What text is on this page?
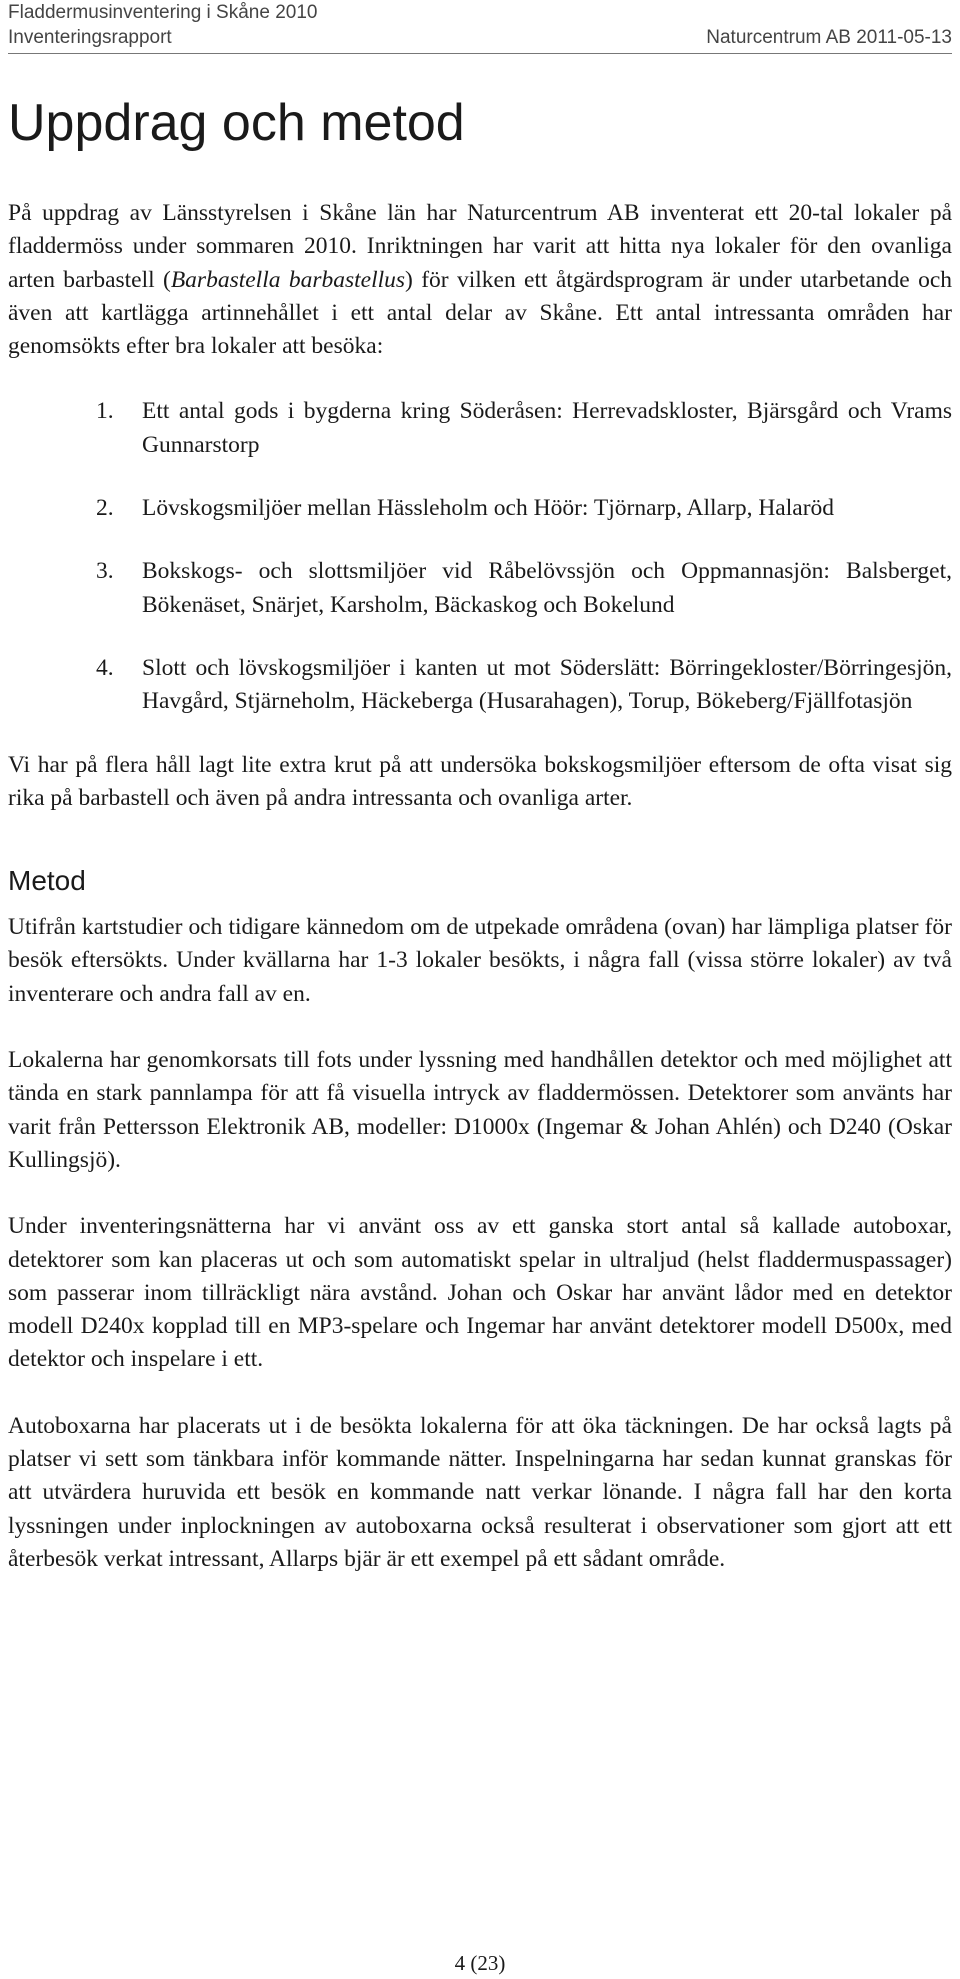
Fladdermusinventering i Skåne 2010
Inventeringsrapport	Naturcentrum AB 2011-05-13
Uppdrag och metod

På uppdrag av Länsstyrelsen i Skåne län har Naturcentrum AB inventerat ett 20-tal lokaler på fladdermöss under sommaren 2010. Inriktningen har varit att hitta nya lokaler för den ovanliga arten barbastell (Barbastella barbastellus) för vilken ett åtgärdsprogram är under utarbetande och även att kartlägga artinnehållet i ett antal delar av Skåne. Ett antal intressanta områden har genomsökts efter bra lokaler att besöka:

1. Ett antal gods i bygderna kring Söderåsen: Herrevadskloster, Bjärsgård och Vrams Gunnarstorp
2. Lövskogsmiljöer mellan Hässleholm och Höör: Tjörnarp, Allarp, Halaröd
3. Bokskogs- och slottsmiljöer vid Råbelövssjön och Oppmannasjön: Balsberget, Bökenäset, Snärjet, Karsholm, Bäckaskog och Bokelund
4. Slott och lövskogsmiljöer i kanten ut mot Söderslätt: Börringekloster/Börringesjön, Havgård, Stjärneholm, Häckeberga (Husarahagen), Torup, Bökeberg/Fjällfotasjön

Vi har på flera håll lagt lite extra krut på att undersöka bokskogsmiljöer eftersom de ofta visat sig rika på barbastell och även på andra intressanta och ovanliga arter.

Metod

Utifrån kartstudier och tidigare kännedom om de utpekade områdena (ovan) har lämpliga platser för besök eftersökts. Under kvällarna har 1-3 lokaler besökts, i några fall (vissa större lokaler) av två inventerare och andra fall av en.

Lokalerna har genomkorsats till fots under lyssning med handhållen detektor och med möjlighet att tända en stark pannlampa för att få visuella intryck av fladdermössen. Detektorer som använts har varit från Pettersson Elektronik AB, modeller: D1000x (Ingemar & Johan Ahlén) och D240 (Oskar Kullingsjö).

Under inventeringsnätterna har vi använt oss av ett ganska stort antal så kallade autoboxar, detektorer som kan placeras ut och som automatiskt spelar in ultraljud (helst fladdermuspassager) som passerar inom tillräckligt nära avstånd. Johan och Oskar har använt lådor med en detektor modell D240x kopplad till en MP3-spelare och Ingemar har använt detektorer modell D500x, med detektor och inspelare i ett.

Autoboxarna har placerats ut i de besökta lokalerna för att öka täckningen. De har också lagts på platser vi sett som tänkbara inför kommande nätter. Inspelningarna har sedan kunnat granskas för att utvärdera huruvida ett besök en kommande natt verkar lönande. I några fall har den korta lyssningen under inplockningen av autoboxarna också resulterat i observationer som gjort att ett återbesök verkat intressant, Allarps bjär är ett exempel på ett sådant område.

4 (23)
